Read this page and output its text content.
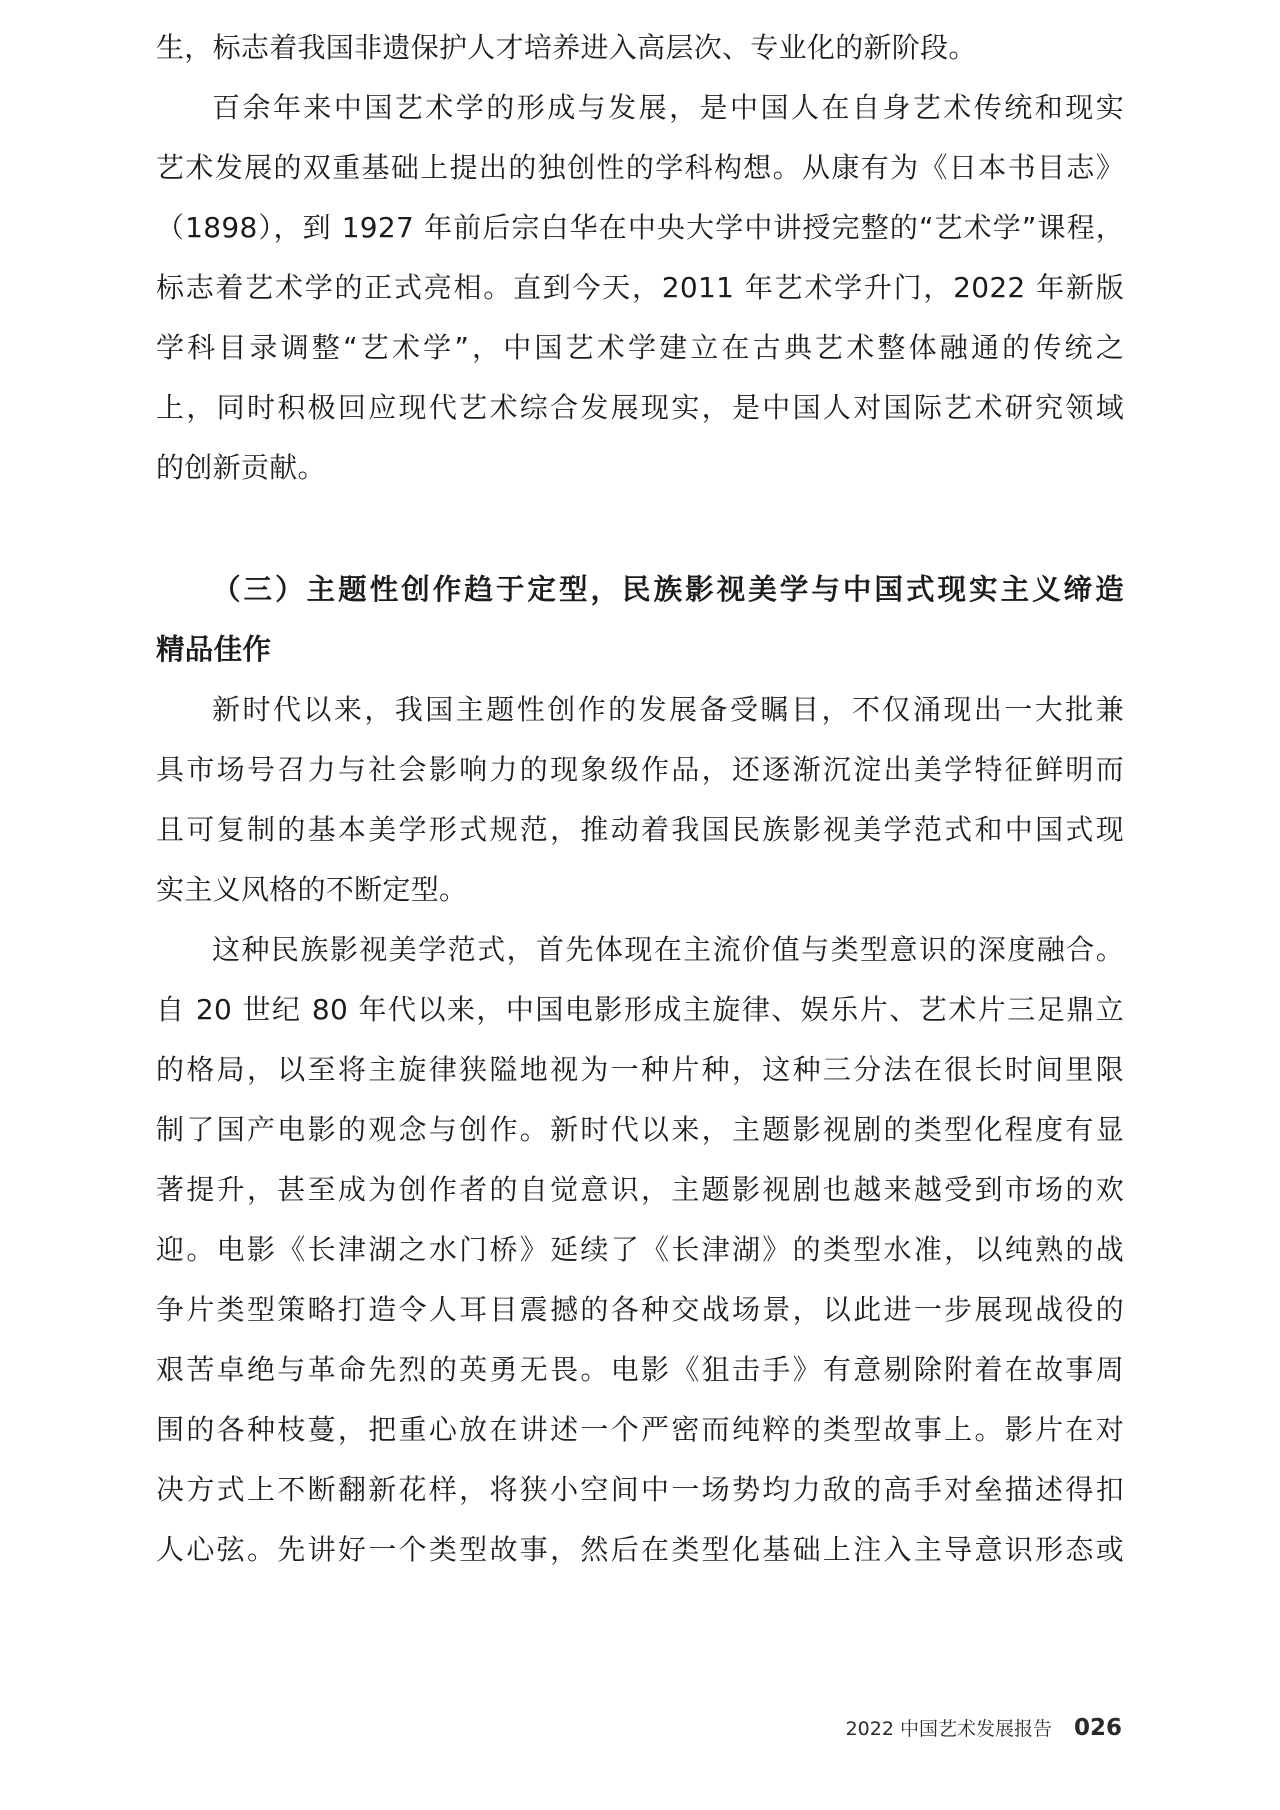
生，标志着我国非遗保护人才培养进入高层次、专业化的新阶段。
百余年来中国艺术学的形成与发展，是中国人在自身艺术传统和现实
艺术发展的双重基础上提出的独创性的学科构想。从康有为《日本书目志》
（1898），到 1927 年前后宗白华在中央大学中讲授完整的“艺术学”课程，
标志着艺术学的正式亮相。直到今天，2011 年艺术学升门，2022 年新版
学科目录调整“艺术学”，中国艺术学建立在古典艺术整体融通的传统之
上，同时积极回应现代艺术综合发展现实，是中国人对国际艺术研究领域
的创新贡献。
（三）主题性创作趋于定型，民族影视美学与中国式现实主义缔造
精品佳作
新时代以来，我国主题性创作的发展备受瞩目，不仅涌现出一大批兼
具市场号召力与社会影响力的现象级作品，还逐渐沉淀出美学特征鲜明而
且可复制的基本美学形式规范，推动着我国民族影视美学范式和中国式现
实主义风格的不断定型。
这种民族影视美学范式，首先体现在主流价值与类型意识的深度融合。
自 20 世纪 80 年代以来，中国电影形成主旋律、娱乐片、艺术片三足鼎立
的格局，以至将主旋律狭隘地视为一种片种，这种三分法在很长时间里限
制了国产电影的观念与创作。新时代以来，主题影视剧的类型化程度有显
著提升，甚至成为创作者的自觉意识，主题影视剧也越来越受到市场的欢
迎。电影《长津湖之水门桥》延续了《长津湖》的类型水准，以纯熟的战
争片类型策略打造令人耳目震撼的各种交战场景，以此进一步展现战役的
艰苦卓绝与革命先烈的英勇无畏。电影《狙击手》有意剔除附着在故事周
围的各种枝蔓，把重心放在讲述一个严密而纯粹的类型故事上。影片在对
决方式上不断翻新花样，将狭小空间中一场势均力敌的高手对垒描述得扣
人心弦。先讲好一个类型故事，然后在类型化基础上注入主导意识形态或
2022 中国艺术发展报告 026
